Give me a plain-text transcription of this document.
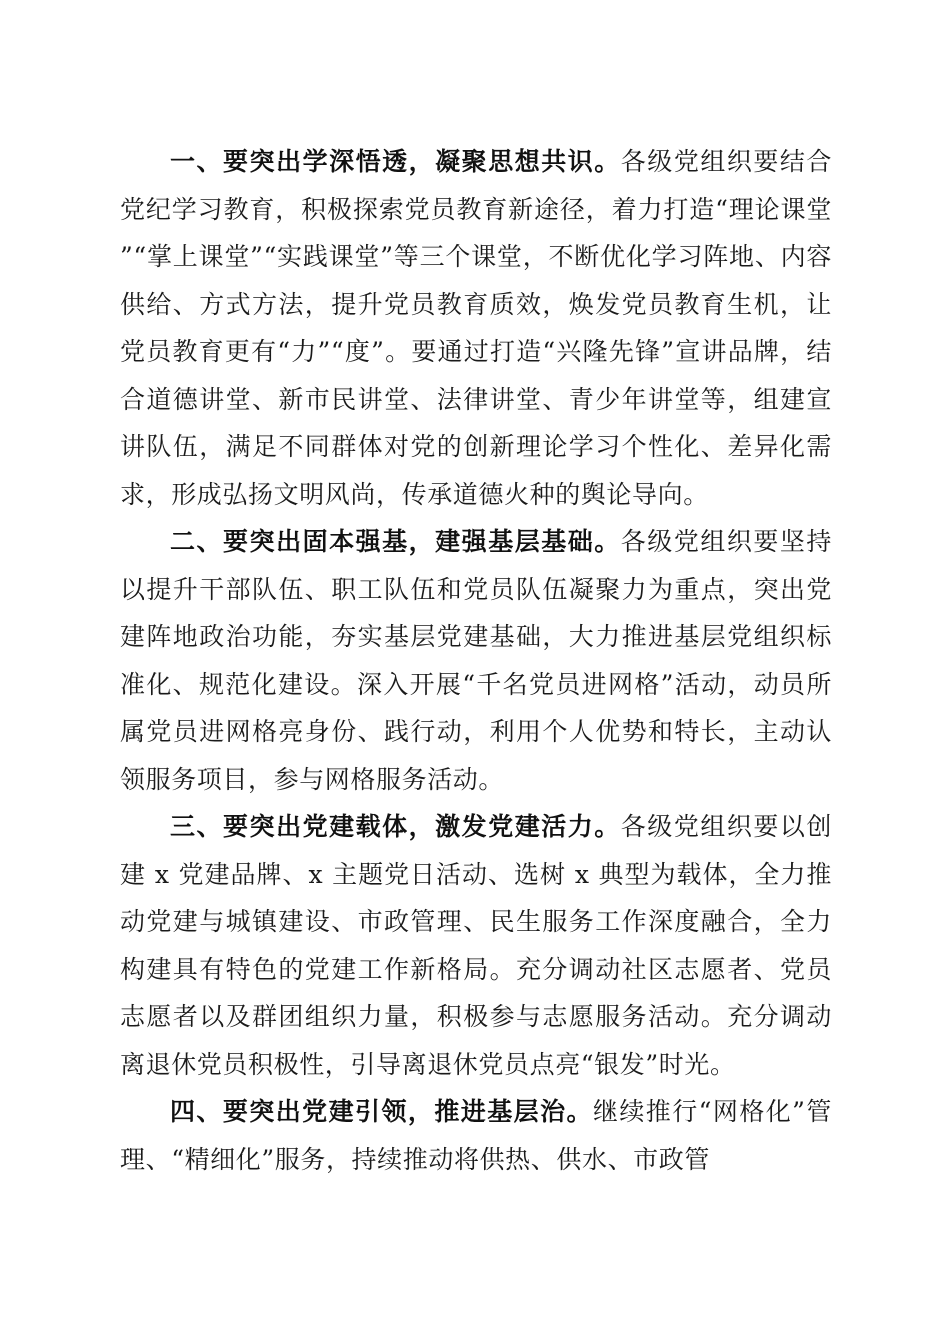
一、要突出学深悟透，凝聚思想共识。各级党组织要结合党纪学习教育，积极探索党员教育新途径，着力打造“理论课堂”“掌上课堂”“实践课堂”等三个课堂，不断优化学习阵地、内容供给、方式方法，提升党员教育质效，焕发党员教育生机，让党员教育更有“力”“度”。要通过打造“兴隆先锋”宣讲品牌，结合道德讲堂、新市民讲堂、法律讲堂、青少年讲堂等，组建宣讲队伍，满足不同群体对党的创新理论学习个性化、差异化需求，形成弘扬文明风尚，传承道德火种的舆论导向。

二、要突出固本强基，建强基层基础。各级党组织要坚持以提升干部队伍、职工队伍和党员队伍凝聚力为重点，突出党建阵地政治功能，夯实基层党建基础，大力推进基层党组织标准化、规范化建设。深入开展“千名党员进网格”活动，动员所属党员进网格亮身份、践行动，利用个人优势和特长，主动认领服务项目，参与网格服务活动。

三、要突出党建载体，激发党建活力。各级党组织要以创建 x 党建品牌、x 主题党日活动、选树 x 典型为载体，全力推动党建与城镇建设、市政管理、民生服务工作深度融合，全力构建具有特色的党建工作新格局。充分调动社区志愿者、党员志愿者以及群团组织力量，积极参与志愿服务活动。充分调动离退休党员积极性，引导离退休党员点亮“银发”时光。

四、要突出党建引领，推进基层治。继续推行“网格化”管理、“精细化”服务，持续推动将供热、供水、市政管
